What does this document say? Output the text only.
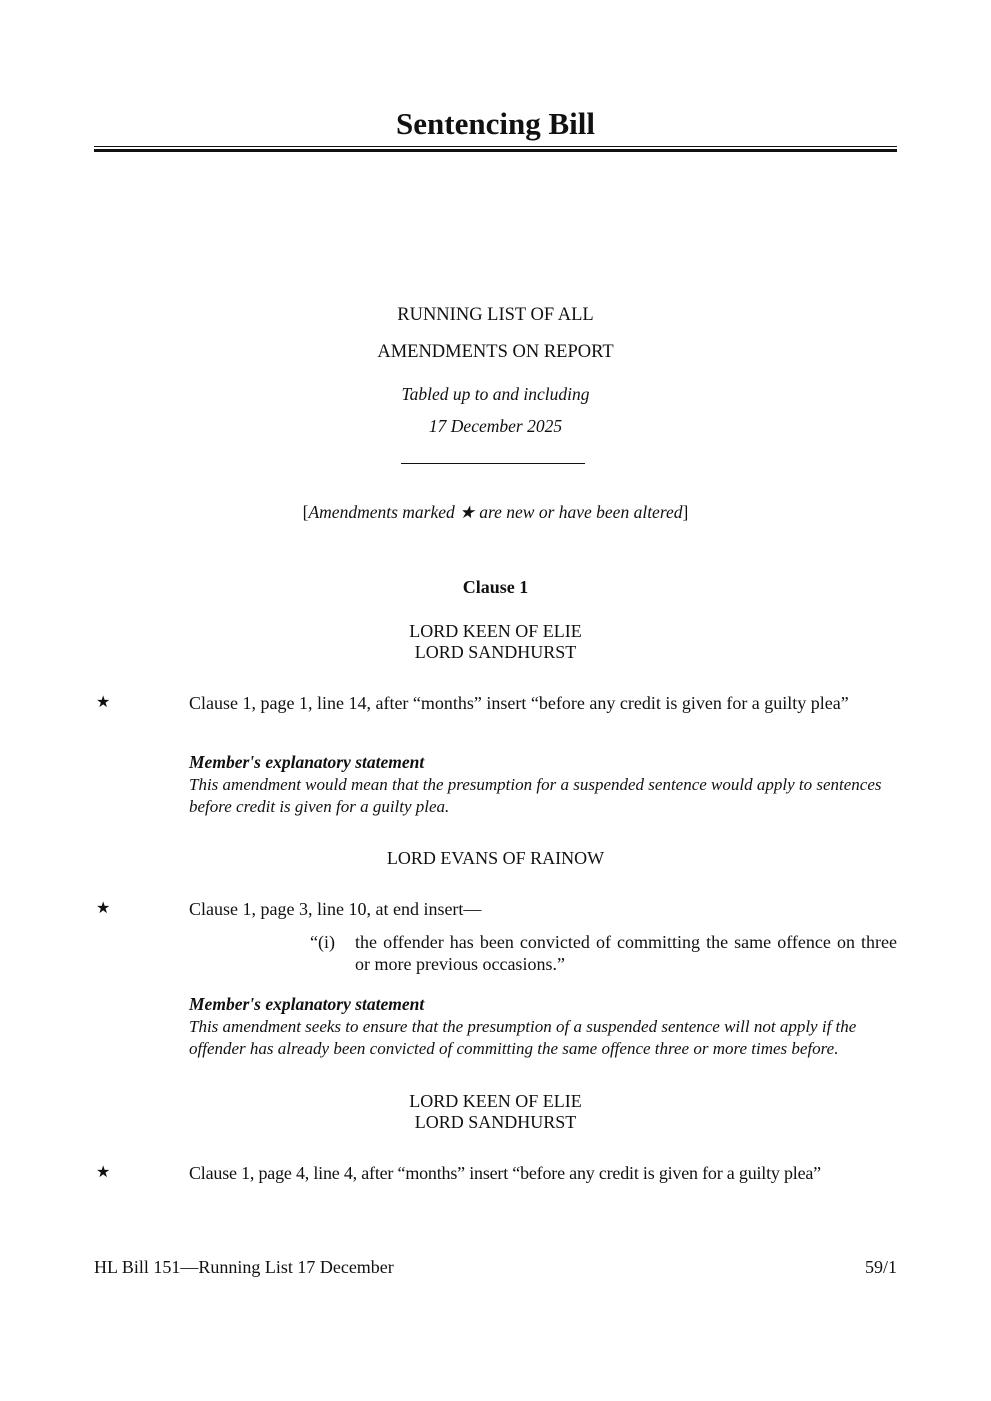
Sentencing Bill
RUNNING LIST OF ALL
AMENDMENTS ON REPORT
Tabled up to and including
17 December 2025
[Amendments marked ★ are new or have been altered]
Clause 1
LORD KEEN OF ELIE
LORD SANDHURST
★	Clause 1, page 1, line 14, after “months” insert “before any credit is given for a guilty plea”
Member's explanatory statement
This amendment would mean that the presumption for a suspended sentence would apply to sentences before credit is given for a guilty plea.
LORD EVANS OF RAINOW
★	Clause 1, page 3, line 10, at end insert—
“(i) the offender has been convicted of committing the same offence on three or more previous occasions.”
Member's explanatory statement
This amendment seeks to ensure that the presumption of a suspended sentence will not apply if the offender has already been convicted of committing the same offence three or more times before.
LORD KEEN OF ELIE
LORD SANDHURST
★	Clause 1, page 4, line 4, after “months” insert “before any credit is given for a guilty plea”
HL Bill 151—Running List 17 December	59/1
